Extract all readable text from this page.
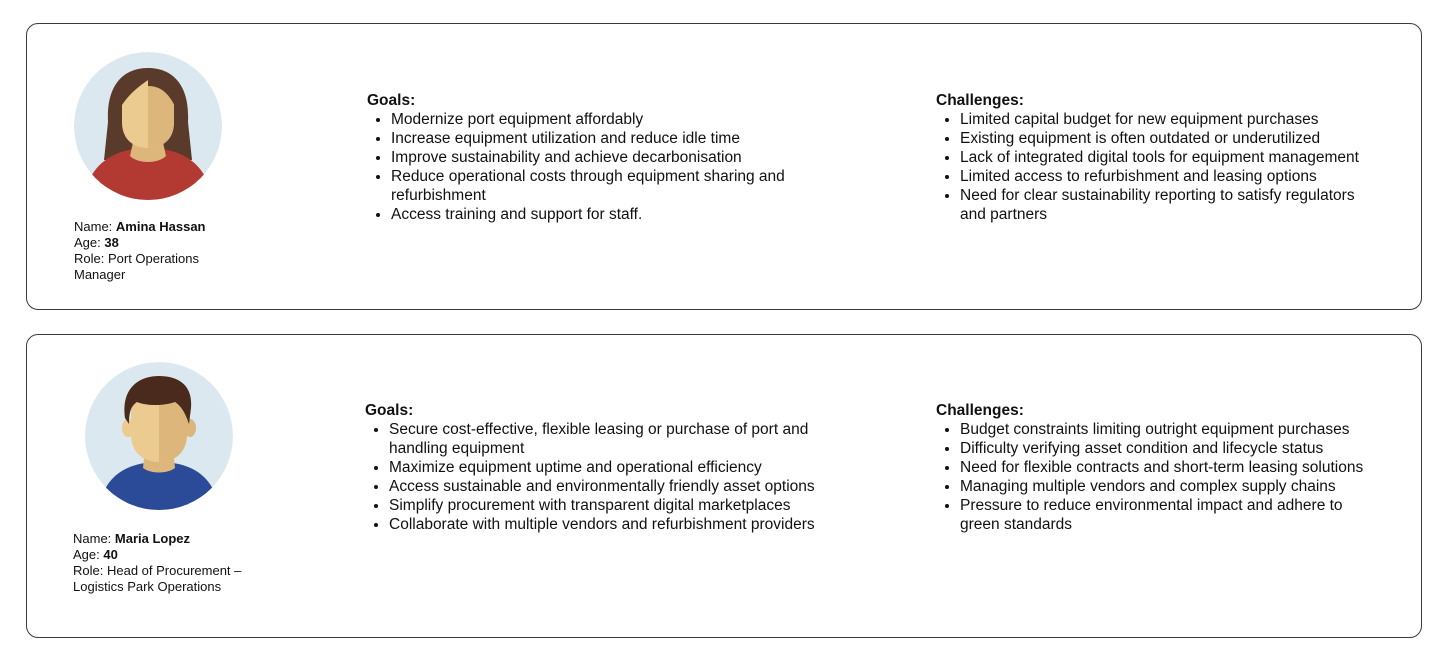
Name: Amina Hassan
Age: 38
Role: Port Operations Manager
Goals:
• Modernize port equipment affordably
• Increase equipment utilization and reduce idle time
• Improve sustainability and achieve decarbonisation
• Reduce operational costs through equipment sharing and refurbishment
• Access training and support for staff.
Challenges:
• Limited capital budget for new equipment purchases
• Existing equipment is often outdated or underutilized
• Lack of integrated digital tools for equipment management
• Limited access to refurbishment and leasing options
• Need for clear sustainability reporting to satisfy regulators and partners
Name: Maria Lopez
Age: 40
Role: Head of Procurement – Logistics Park Operations
Goals:
• Secure cost-effective, flexible leasing or purchase of port and handling equipment
• Maximize equipment uptime and operational efficiency
• Access sustainable and environmentally friendly asset options
• Simplify procurement with transparent digital marketplaces
• Collaborate with multiple vendors and refurbishment providers
Challenges:
• Budget constraints limiting outright equipment purchases
• Difficulty verifying asset condition and lifecycle status
• Need for flexible contracts and short-term leasing solutions
• Managing multiple vendors and complex supply chains
• Pressure to reduce environmental impact and adhere to green standards
